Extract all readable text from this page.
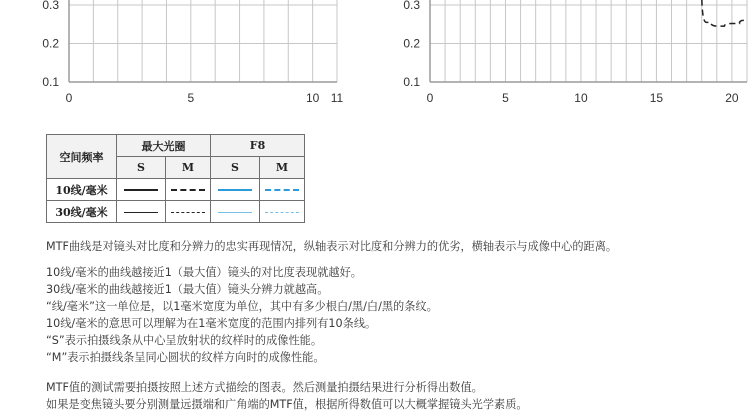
0.3
0.2
0.1
0	5	10 11
0.3
0.2
0.1
0	5	10	15	20
空间频率	最大光圈		F8	
	S	M	S	M
10线/毫米				
30线/毫米				

MTF曲线是对镜头对比度和分辨力的忠实再现情况，纵轴表示对比度和分辨力的优劣，横轴表示与成像中心的距离。

10线/毫米的曲线越接近1（最大值）镜头的对比度表现就越好。

30线/毫米的曲线越接近1（最大值）镜头分辨力就越高。

“线/毫米”这一单位是，以1毫米宽度为单位，其中有多少根白/黑/白/黑的条纹。

10线/毫米的意思可以理解为在1毫米宽度的范围内排列有10条线。

“S”表示拍摄线条从中心呈放射状的纹样时的成像性能。

“M”表示拍摄线条呈同心圆状的纹样方向时的成像性能。

MTF值的测试需要拍摄按照上述方式描绘的图表。然后测量拍摄结果进行分析得出数值。

如果是变焦镜头要分别测量远摄端和广角端的MTF值，根据所得数值可以大概掌握镜头光学素质。
